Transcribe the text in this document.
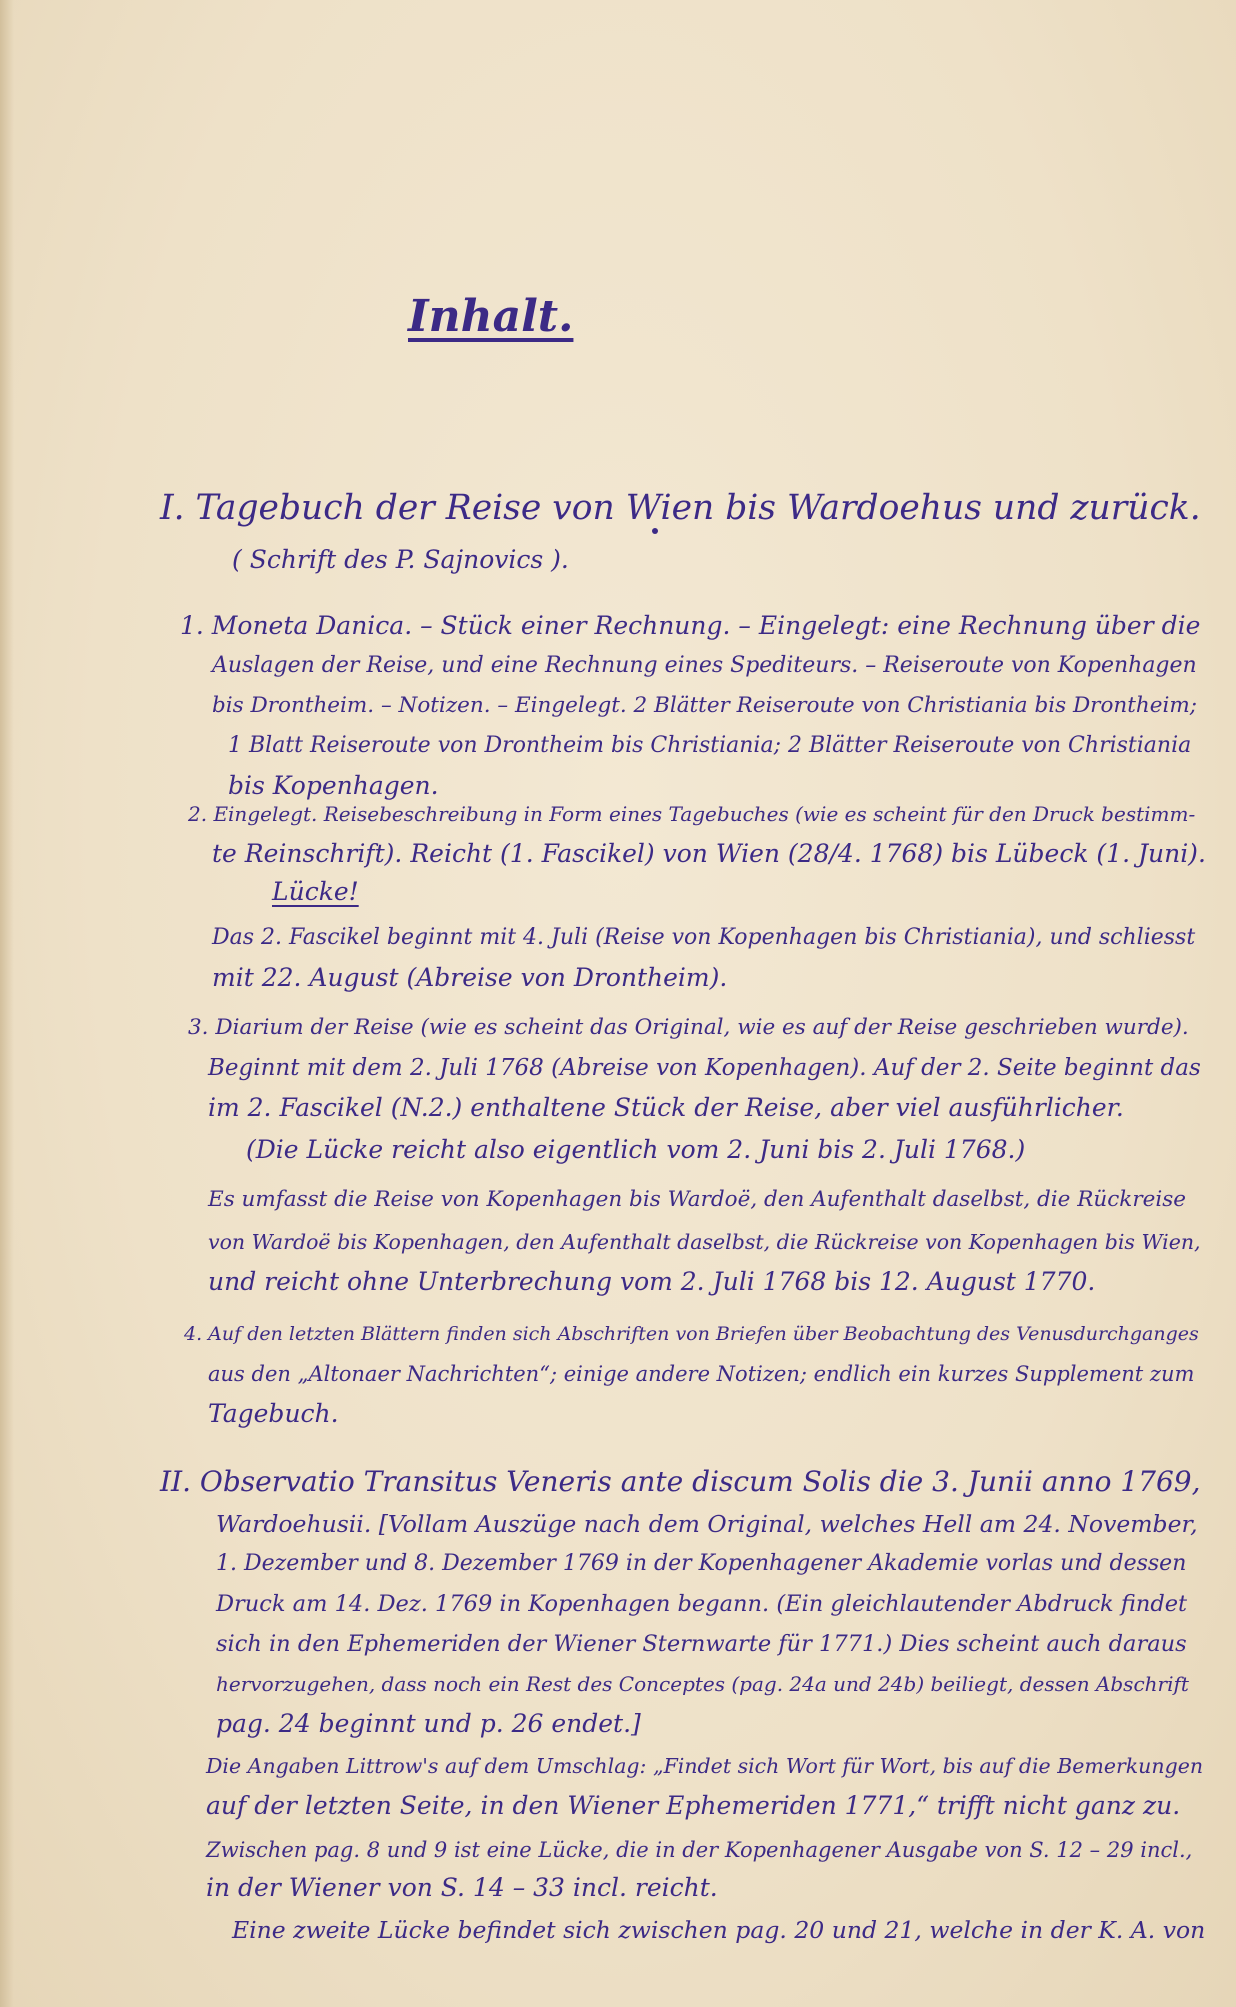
Inhalt.

I. Tagebuch der Reise von Wien bis Wardoehus und zurück.

( Schrift des P. Sajnovics ).

1. Moneta Danica. – Stück einer Rechnung. – Eingelegt: eine Rechnung über die

Auslagen der Reise, und eine Rechnung eines Spediteurs. – Reiseroute von Kopenhagen

bis Drontheim. – Notizen. – Eingelegt. 2 Blätter Reiseroute von Christiania bis Drontheim;

1 Blatt Reiseroute von Drontheim bis Christiania; 2 Blätter Reiseroute von Christiania

bis Kopenhagen.

2. Eingelegt. Reisebeschreibung in Form eines Tagebuches (wie es scheint für den Druck bestimm-

te Reinschrift). Reicht (1. Fascikel) von Wien (28/4. 1768) bis Lübeck (1. Juni).

Lücke!

Das 2. Fascikel beginnt mit 4. Juli (Reise von Kopenhagen bis Christiania), und schliesst

mit 22. August (Abreise von Drontheim).

3. Diarium der Reise (wie es scheint das Original, wie es auf der Reise geschrieben wurde).

Beginnt mit dem 2. Juli 1768 (Abreise von Kopenhagen). Auf der 2. Seite beginnt das

im 2. Fascikel (N.2.) enthaltene Stück der Reise, aber viel ausführlicher.

(Die Lücke reicht also eigentlich vom 2. Juni bis 2. Juli 1768.)

Es umfasst die Reise von Kopenhagen bis Wardoë, den Aufenthalt daselbst, die Rückreise

von Wardoë bis Kopenhagen, den Aufenthalt daselbst, die Rückreise von Kopenhagen bis Wien,

und reicht ohne Unterbrechung vom 2. Juli 1768 bis 12. August 1770.

4. Auf den letzten Blättern finden sich Abschriften von Briefen über Beobachtung des Venusdurchganges

aus den „Altonaer Nachrichten“; einige andere Notizen; endlich ein kurzes Supplement zum

Tagebuch.

II. Observatio Transitus Veneris ante discum Solis die 3. Junii anno 1769,

Wardoehusii. [Vollam Auszüge nach dem Original, welches Hell am 24. November,

1. Dezember und 8. Dezember 1769 in der Kopenhagener Akademie vorlas und dessen

Druck am 14. Dez. 1769 in Kopenhagen begann. (Ein gleichlautender Abdruck findet

sich in den Ephemeriden der Wiener Sternwarte für 1771.) Dies scheint auch daraus

hervorzugehen, dass noch ein Rest des Conceptes (pag. 24a und 24b) beiliegt, dessen Abschrift

pag. 24 beginnt und p. 26 endet.]

Die Angaben Littrow's auf dem Umschlag: „Findet sich Wort für Wort, bis auf die Bemerkungen

auf der letzten Seite, in den Wiener Ephemeriden 1771,“ trifft nicht ganz zu.

Zwischen pag. 8 und 9 ist eine Lücke, die in der Kopenhagener Ausgabe von S. 12 – 29 incl.,

in der Wiener von S. 14 – 33 incl. reicht.

Eine zweite Lücke befindet sich zwischen pag. 20 und 21, welche in der K. A. von
